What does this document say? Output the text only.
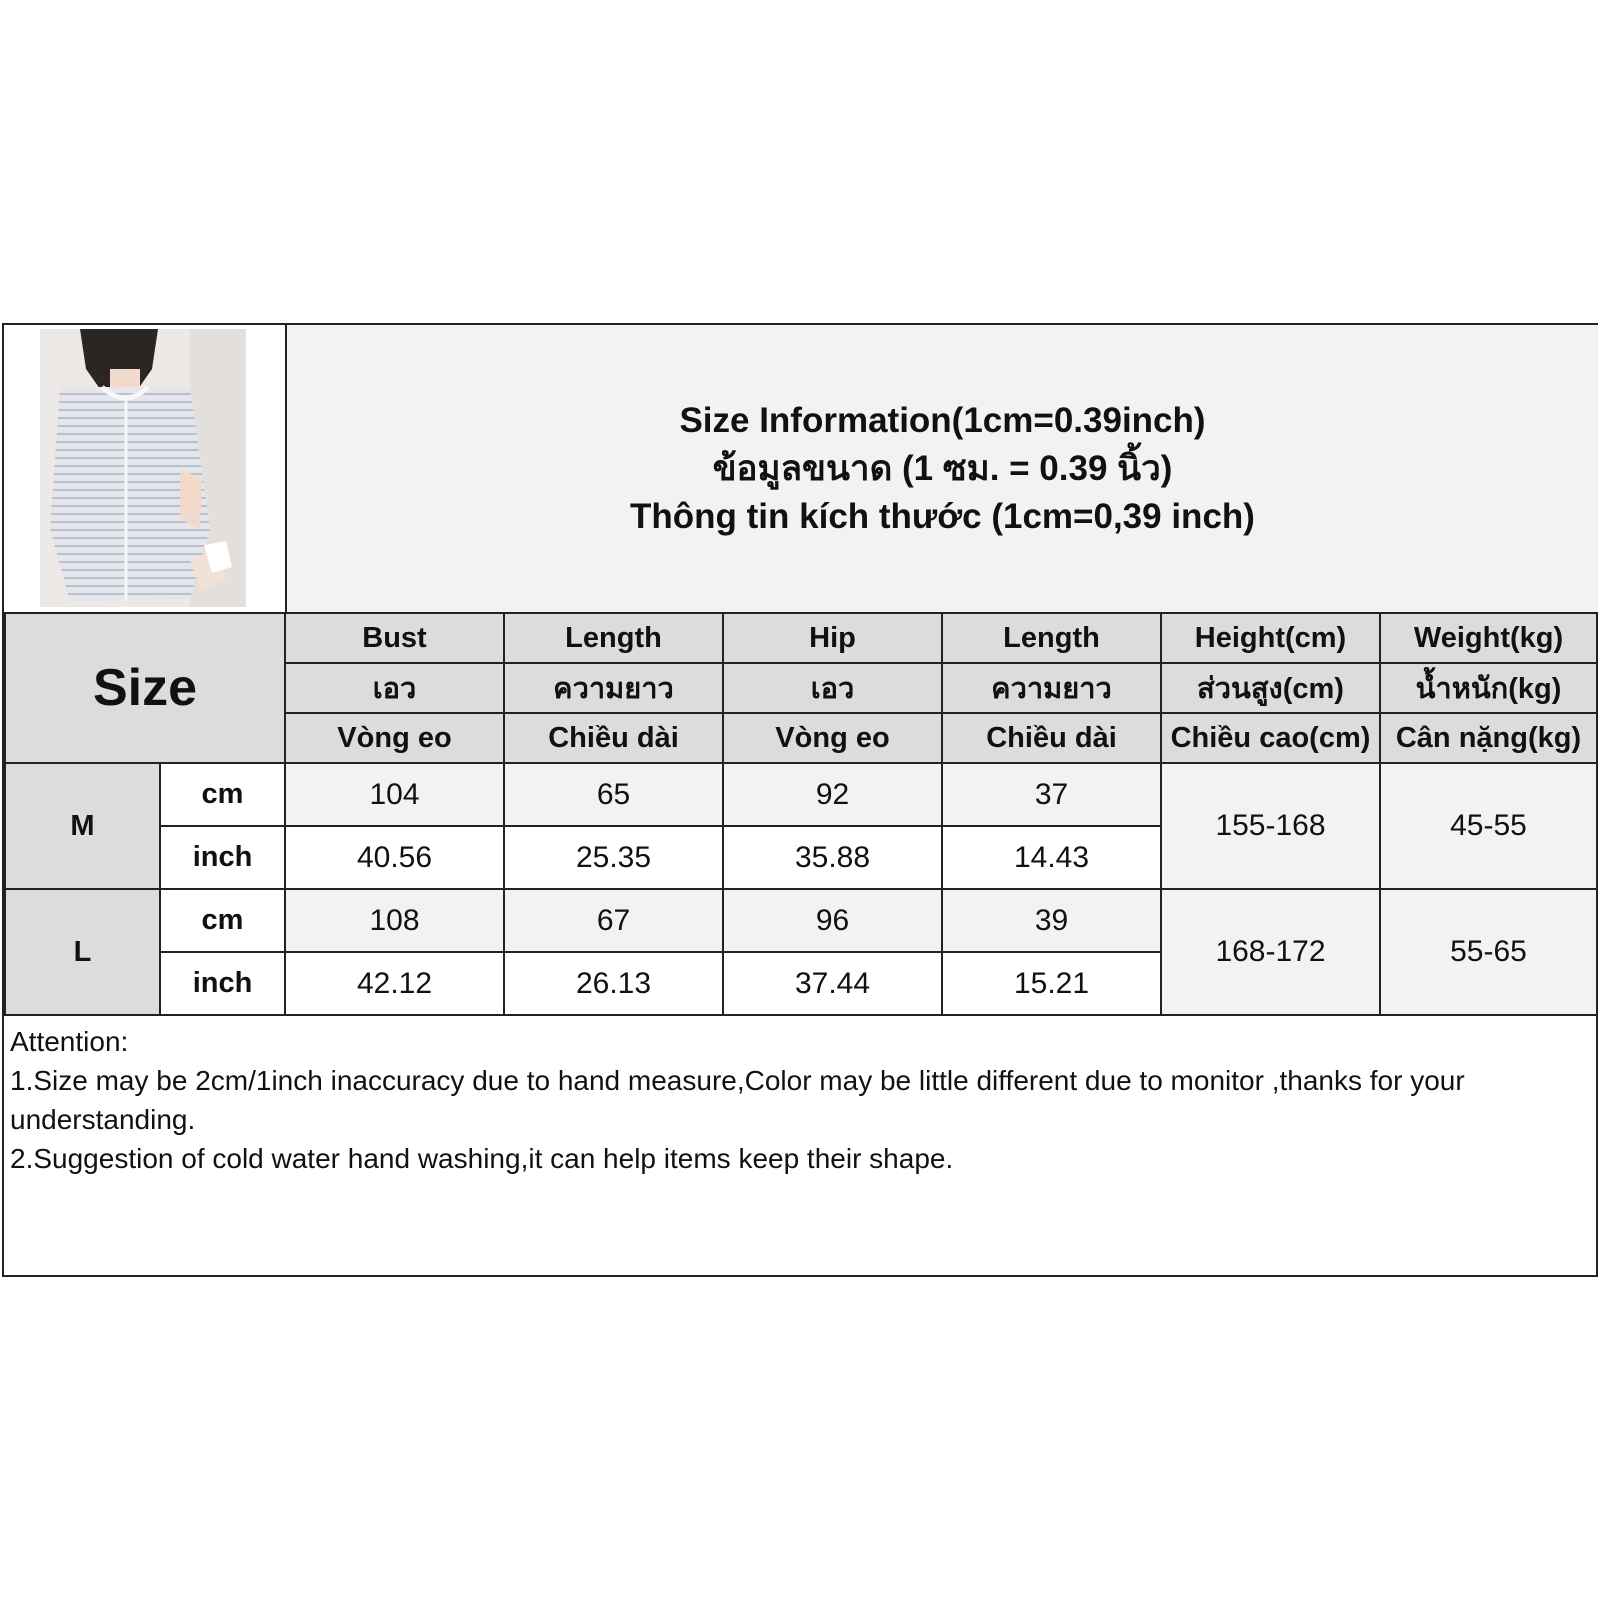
Size Information(1cm=0.39inch)
ข้อมูลขนาด (1 ซม. = 0.39 นิ้ว)
Thông tin kích thước (1cm=0,39 inch)
Size		Bust	Length	Hip	Length	Height(cm)	Weight(kg)
		เอว	ความยาว	เอว	ความยาว	ส่วนสูง(cm)	น้ำหนัก(kg)
		Vòng eo	Chiều dài	Vòng eo	Chiều dài	Chiều cao(cm)	Cân nặng(kg)
M	cm	104	65	92	37	155-168	45-55
	inch	40.56	25.35	35.88	14.43		
L	cm	108	67	96	39	168-172	55-65
	inch	42.12	26.13	37.44	15.21		
Attention:
1.Size may be 2cm/1inch inaccuracy due to hand measure,Color may be little different due to monitor ,thanks for your understanding.
2.Suggestion of cold water hand washing,it can help items keep their shape.
